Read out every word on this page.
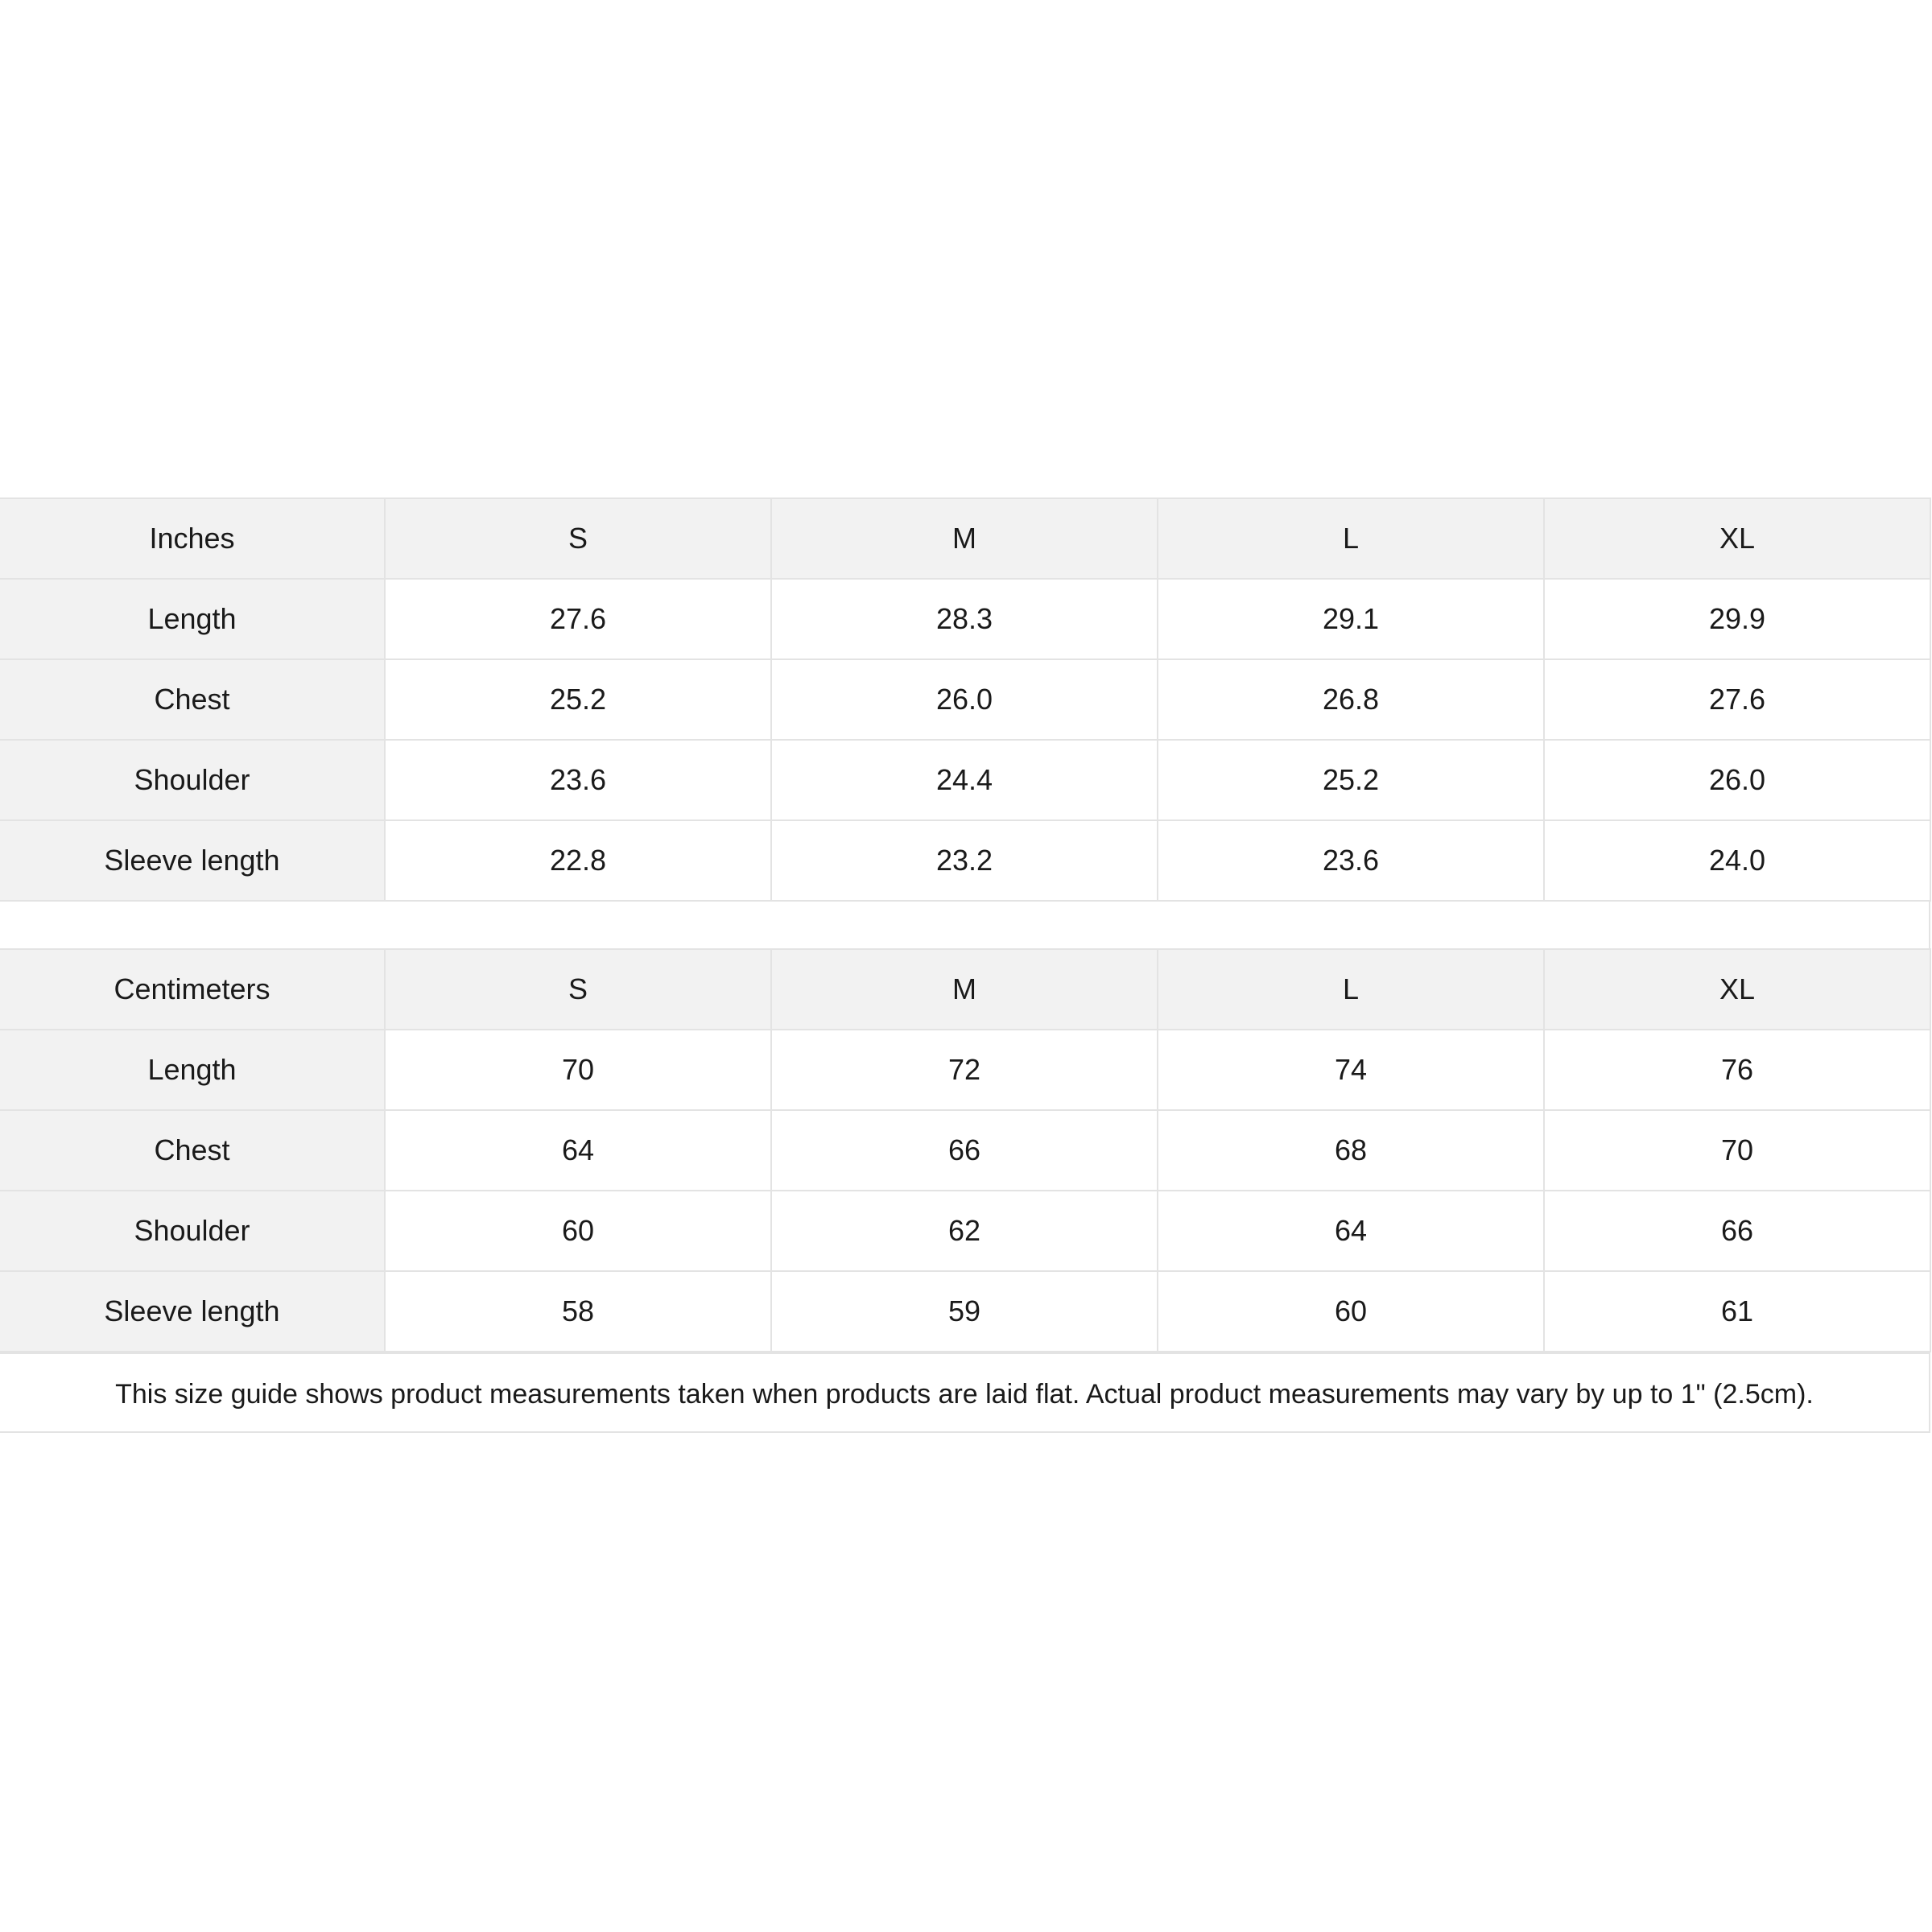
Inches	S	M	L	XL
Length	27.6	28.3	29.1	29.9
Chest	25.2	26.0	26.8	27.6
Shoulder	23.6	24.4	25.2	26.0
Sleeve length	22.8	23.2	23.6	24.0
Centimeters	S	M	L	XL
Length	70	72	74	76
Chest	64	66	68	70
Shoulder	60	62	64	66
Sleeve length	58	59	60	61
This size guide shows product measurements taken when products are laid flat. Actual product measurements may vary by up to 1" (2.5cm).
